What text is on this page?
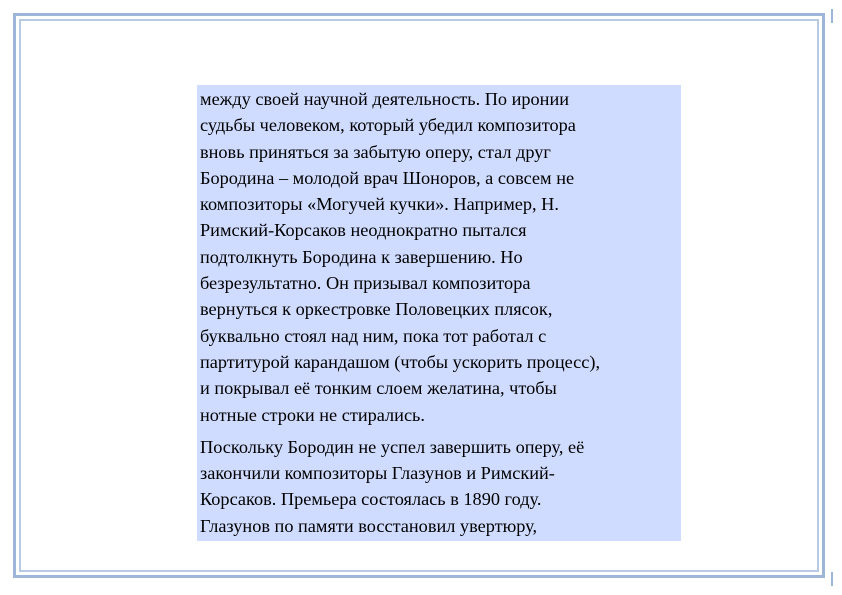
между своей научной деятельность. По иронии
судьбы человеком, который убедил композитора
вновь приняться за забытую оперу, стал друг
Бородина – молодой врач Шоноров, а совсем не
композиторы «Могучей кучки». Например, Н.
Римский-Корсаков неоднократно пытался
подтолкнуть Бородина к завершению. Но
безрезультатно. Он призывал композитора
вернуться к оркестровке Половецких плясок,
буквально стоял над ним, пока тот работал с
партитурой карандашом (чтобы ускорить процесс),
и покрывал её тонким слоем желатина, чтобы
нотные строки не стирались.

Поскольку Бородин не успел завершить оперу, её
закончили композиторы Глазунов и Римский-
Корсаков. Премьера состоялась в 1890 году.
Глазунов по памяти восстановил увертюру,
